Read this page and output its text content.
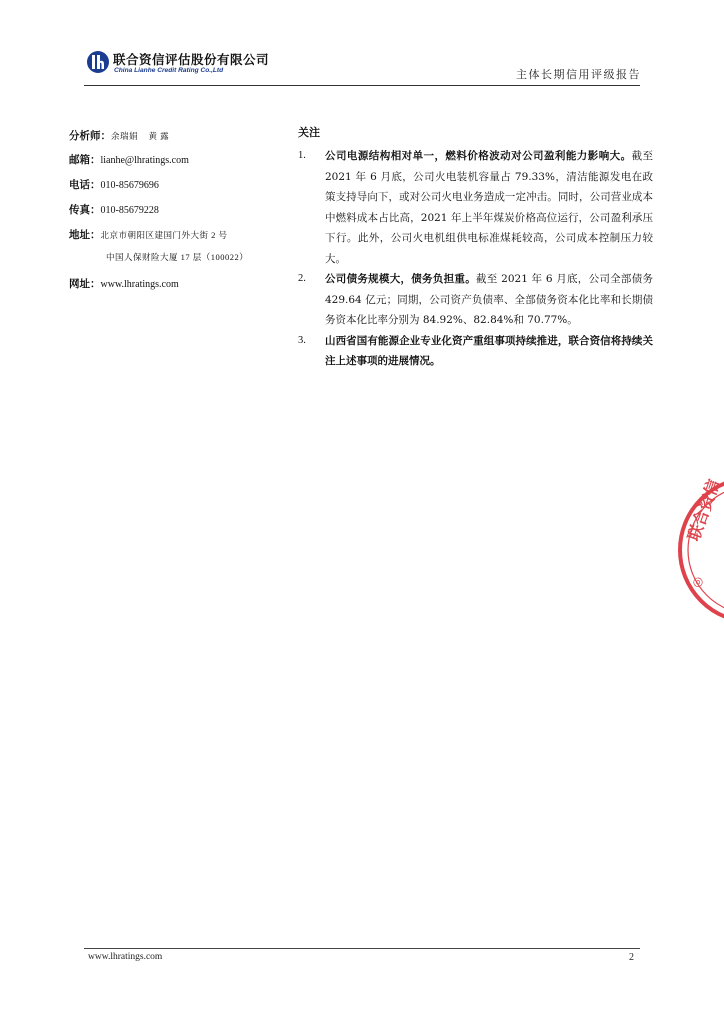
联合资信评估股份有限公司
China Lianhe Credit Rating Co.,Ltd	主体长期信用评级报告
分析师：余瑞娟    黄 露
邮箱：lianhe@lhratings.com
电话：010-85679696
传真：010-85679228
地址：北京市朝阳区建国门外大街 2 号
中国人保财险大厦 17 层（100022）
网址：www.lhratings.com
关注
1. 公司电源结构相对单一，燃料价格波动对公司盈利能力影响大。截至 2021 年 6 月底，公司火电装机容量占 79.33%，清洁能源发电在政策支持导向下，或对公司火电业务造成一定冲击。同时，公司营业成本中燃料成本占比高，2021 年上半年煤炭价格高位运行，公司盈利承压下行。此外，公司火电机组供电标准煤耗较高，公司成本控制压力较大。
2. 公司债务规模大，债务负担重。截至 2021 年 6 月底，公司全部债务 429.64 亿元；同期，公司资产负债率、全部债务资本化比率和长期债务资本化比率分别为 84.92%、82.84%和 70.77%。
3. 山西省国有能源企业专业化资产重组事项持续推进，联合资信将持续关注上述事项的进展情况。
联合资信
◎
www.lhratings.com	2
